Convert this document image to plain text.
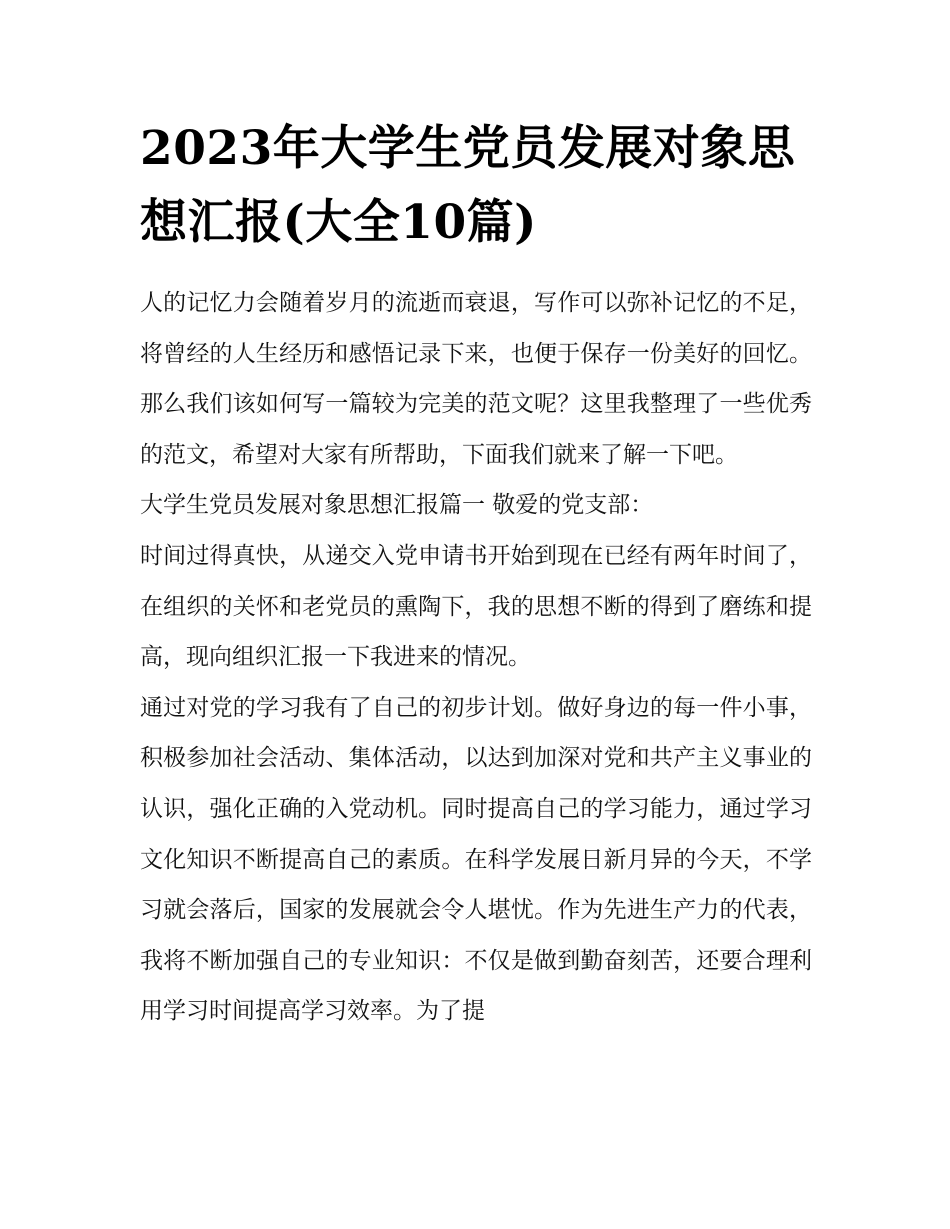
2023年大学生党员发展对象思想汇报(大全10篇)

人的记忆力会随着岁月的流逝而衰退，写作可以弥补记忆的不足，将曾经的人生经历和感悟记录下来，也便于保存一份美好的回忆。那么我们该如何写一篇较为完美的范文呢？这里我整理了一些优秀的范文，希望对大家有所帮助，下面我们就来了解一下吧。

大学生党员发展对象思想汇报篇一 敬爱的党支部：

时间过得真快，从递交入党申请书开始到现在已经有两年时间了，在组织的关怀和老党员的熏陶下，我的思想不断的得到了磨练和提高，现向组织汇报一下我进来的情况。

通过对党的学习我有了自己的初步计划。做好身边的每一件小事，积极参加社会活动、集体活动，以达到加深对党和共产主义事业的认识，强化正确的入党动机。同时提高自己的学习能力，通过学习文化知识不断提高自己的素质。在科学发展日新月异的今天，不学习就会落后，国家的发展就会令人堪忧。作为先进生产力的代表，我将不断加强自己的专业知识：不仅是做到勤奋刻苦，还要合理利用学习时间提高学习效率。为了提
